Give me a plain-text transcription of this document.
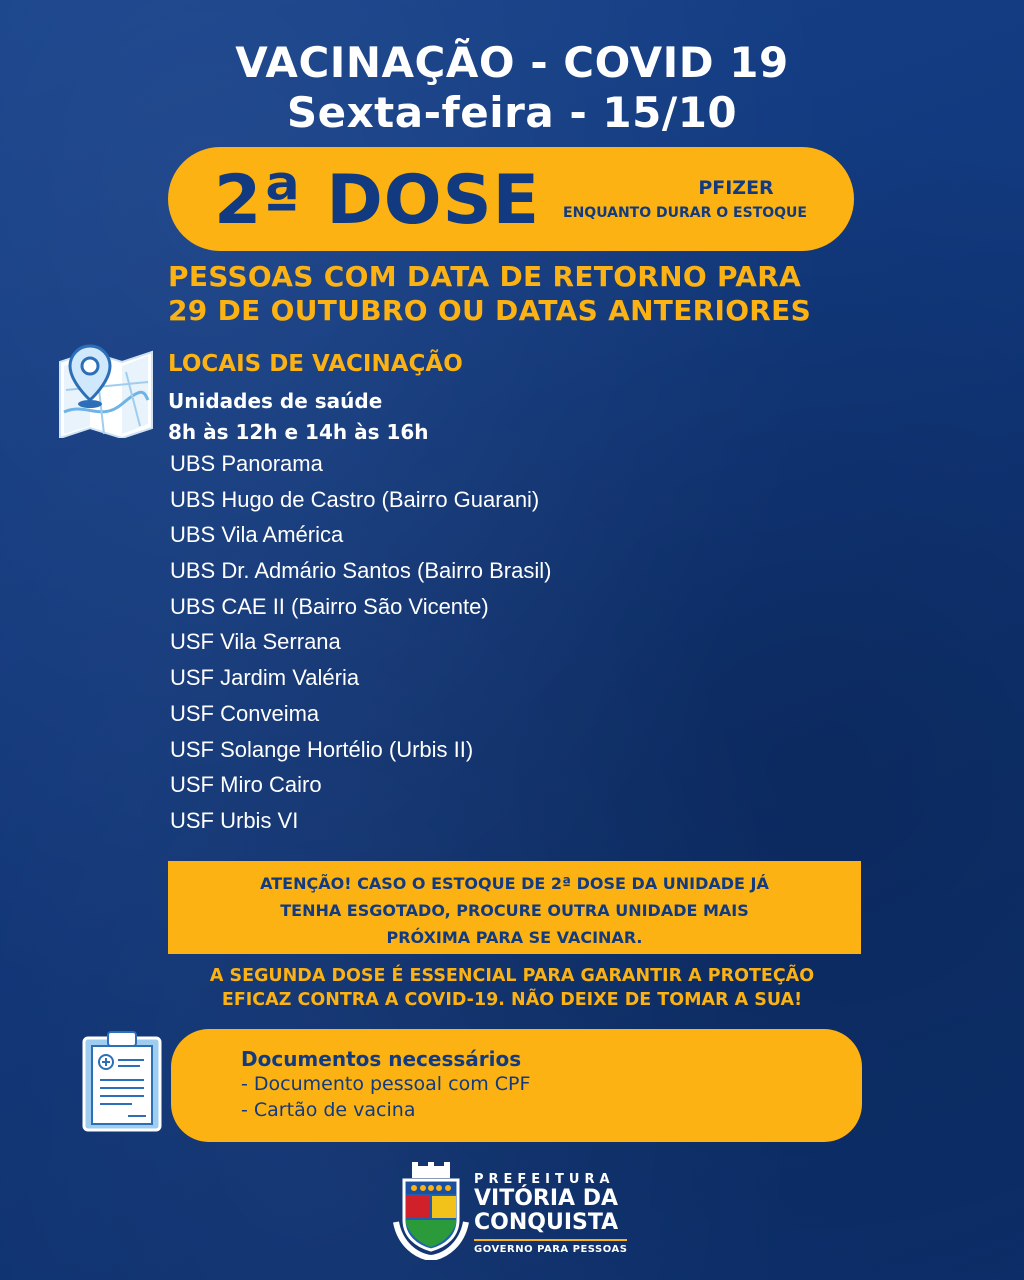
VACINAÇÃO - COVID 19
Sexta-feira - 15/10
2ª DOSE	PFIZER
ENQUANTO DURAR O ESTOQUE
PESSOAS COM DATA DE RETORNO PARA
29 DE OUTUBRO OU DATAS ANTERIORES
LOCAIS DE VACINAÇÃO
Unidades de saúde
8h às 12h e 14h às 16h
UBS Panorama
UBS Hugo de Castro (Bairro Guarani)
UBS Vila América
UBS Dr. Admário Santos (Bairro Brasil)
UBS CAE II (Bairro São Vicente)
USF Vila Serrana
USF Jardim Valéria
USF Conveima
USF Solange Hortélio (Urbis II)
USF Miro Cairo
USF Urbis VI

ATENÇÃO! CASO O ESTOQUE DE 2ª DOSE DA UNIDADE JÁ

TENHA ESGOTADO, PROCURE OUTRA UNIDADE MAIS

PRÓXIMA PARA SE VACINAR.

A SEGUNDA DOSE É ESSENCIAL PARA GARANTIR A PROTEÇÃO
EFICAZ CONTRA A COVID-19. NÃO DEIXE DE TOMAR A SUA!
Documentos necessários
- Documento pessoal com CPF
- Cartão de vacina
PREFEITURA
VITÓRIA DA
CONQUISTA
GOVERNO PARA PESSOAS
